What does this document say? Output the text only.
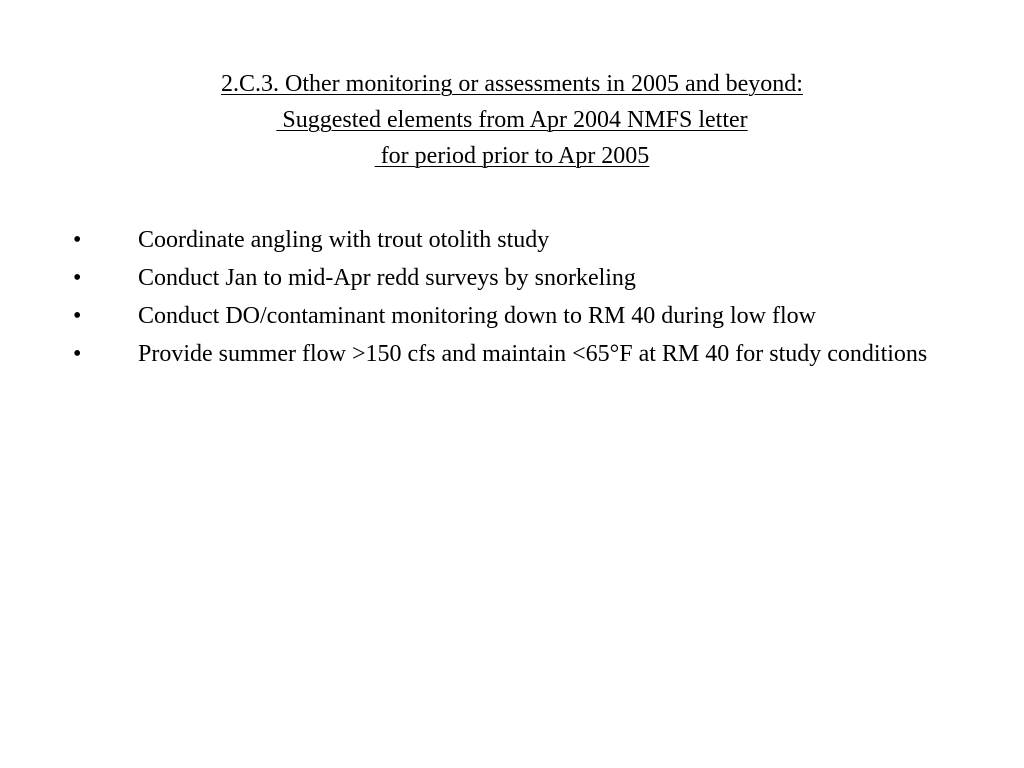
2.C.3. Other monitoring or assessments in 2005 and beyond:
Suggested elements from Apr 2004 NMFS letter
for period prior to Apr 2005
• Coordinate angling with trout otolith study
• Conduct Jan to mid-Apr redd surveys by snorkeling
• Conduct DO/contaminant monitoring down to RM 40 during low flow
• Provide summer flow >150 cfs and maintain <65°F at RM 40 for study conditions
